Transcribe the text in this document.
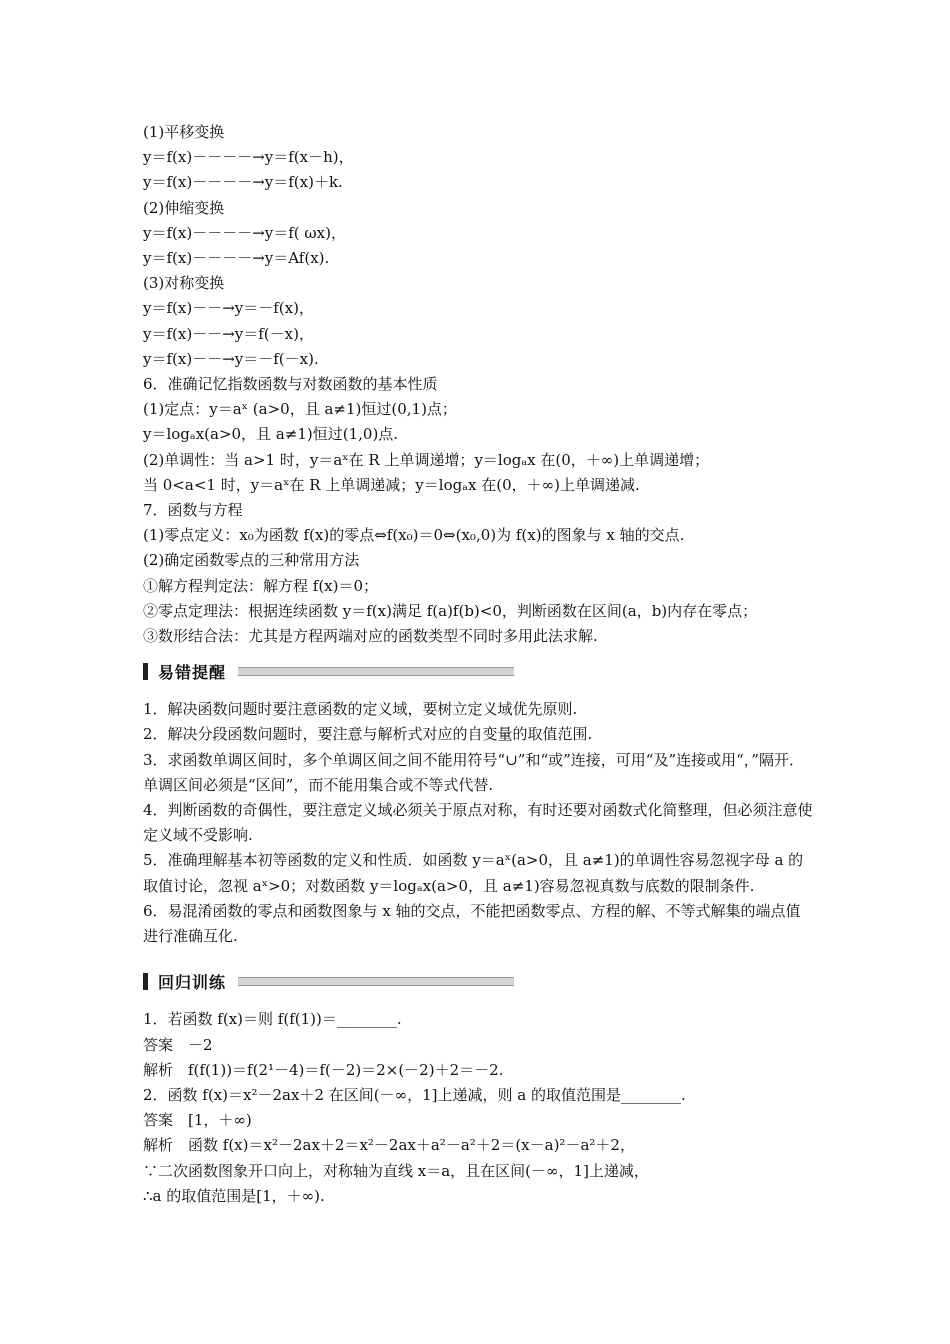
(1)平移变换
y＝f(x)－－－－→y＝f(x－h)，
y＝f(x)－－－－→y＝f(x)＋k.
(2)伸缩变换
y＝f(x)－－－－→y＝f( ωx)，
y＝f(x)－－－－→y＝Af(x).
(3)对称变换
y＝f(x)－－→y＝－f(x)，
y＝f(x)－－→y＝f(－x)，
y＝f(x)－－→y＝－f(－x).
6．准确记忆指数函数与对数函数的基本性质
(1)定点：y＝aˣ (a>0，且 a≠1)恒过(0,1)点；
y＝logₐx(a>0，且 a≠1)恒过(1,0)点.
(2)单调性：当 a>1 时，y＝aˣ在 R 上单调递增；y＝logₐx 在(0，＋∞)上单调递增；
当 0<a<1 时，y＝aˣ在 R 上单调递减；y＝logₐx 在(0，＋∞)上单调递减.
7．函数与方程
(1)零点定义：x₀为函数 f(x)的零点⇔f(x₀)＝0⇔(x₀,0)为 f(x)的图象与 x 轴的交点.
(2)确定函数零点的三种常用方法
①解方程判定法：解方程 f(x)＝0；
②零点定理法：根据连续函数 y＝f(x)满足 f(a)f(b)<0，判断函数在区间(a，b)内存在零点；
③数形结合法：尤其是方程两端对应的函数类型不同时多用此法求解.
易错提醒
1．解决函数问题时要注意函数的定义域，要树立定义域优先原则.
2．解决分段函数问题时，要注意与解析式对应的自变量的取值范围.
3．求函数单调区间时，多个单调区间之间不能用符号“∪”和“或”连接，可用“及”连接或用“，”隔开．单调区间必须是“区间”，而不能用集合或不等式代替.
4．判断函数的奇偶性，要注意定义域必须关于原点对称，有时还要对函数式化简整理，但必须注意使定义域不受影响.
5．准确理解基本初等函数的定义和性质．如函数 y＝aˣ(a>0，且 a≠1)的单调性容易忽视字母 a 的取值讨论，忽视 aˣ>0；对数函数 y＝logₐx(a>0，且 a≠1)容易忽视真数与底数的限制条件.
6．易混淆函数的零点和函数图象与 x 轴的交点，不能把函数零点、方程的解、不等式解集的端点值进行准确互化.
回归训练
1．若函数 f(x)＝则 f(f(1))＝________.
答案　－2
解析　f(f(1))＝f(2¹－4)＝f(－2)＝2×(－2)＋2＝－2.
2．函数 f(x)＝x²－2ax＋2 在区间(－∞，1]上递减，则 a 的取值范围是________.
答案　[1，＋∞)
解析　函数 f(x)＝x²－2ax＋2＝x²－2ax＋a²－a²＋2＝(x－a)²－a²＋2，
∵二次函数图象开口向上，对称轴为直线 x＝a，且在区间(－∞，1]上递减，
∴a 的取值范围是[1，＋∞).
